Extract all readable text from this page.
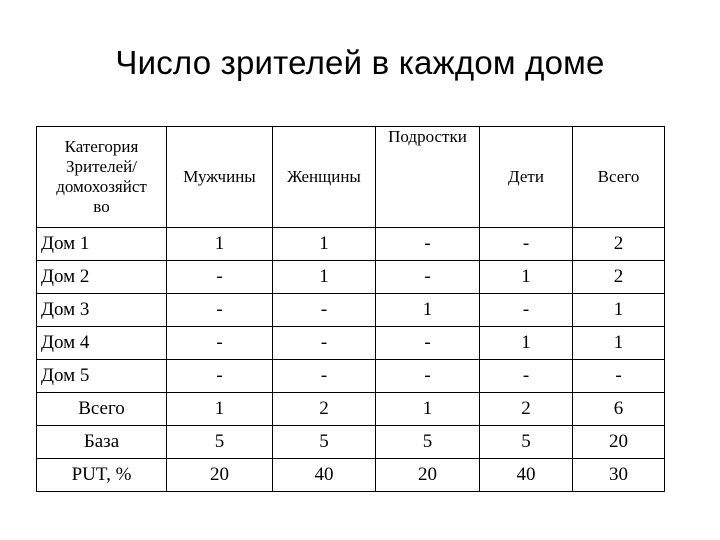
Число зрителей в каждом доме
Категория
Зрителей/
домохозяйст
во	Мужчины	Женщины	Подростки	Дети	Всего
Дом 1	1	1	-	-	2
Дом 2	-	1	-	1	2
Дом 3	-	-	1	-	1
Дом 4	-	-	-	1	1
Дом 5	-	-	-	-	-
Всего	1	2	1	2	6
База	5	5	5	5	20
PUT, %	20	40	20	40	30
